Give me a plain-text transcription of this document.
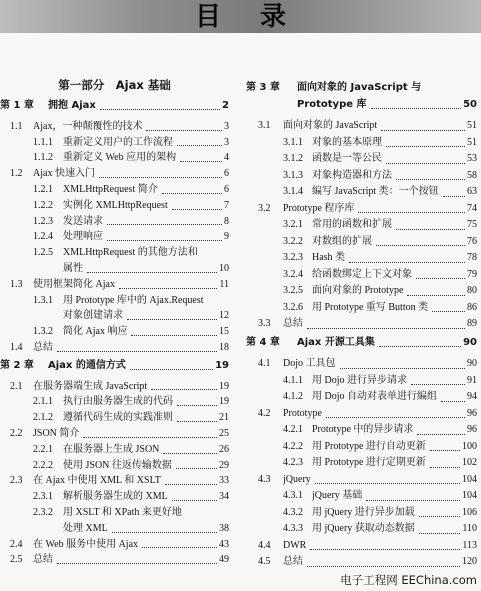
目 录
第一部分　Ajax 基础
第 1 章	拥抱 Ajax	2
1.1	Ajax，一种颠覆性的技术	3
1.1.1	重新定义用户的工作流程	3
1.1.2	重新定义 Web 应用的架构	4
1.2	Ajax 快速入门	6
1.2.1	XMLHttpRequest 简介	6
1.2.2	实例化 XMLHttpRequest	7
1.2.3	发送请求	8
1.2.4	处理响应	9
1.2.5	XMLHttpRequest 的其他方法和
属性	10
1.3	使用框架简化 Ajax	11
1.3.1	用 Prototype 库中的 Ajax.Request
对象创建请求	12
1.3.2	简化 Ajax 响应	15
1.4	总结	18
第 2 章	Ajax 的通信方式	19
2.1	在服务器端生成 JavaScript	19
2.1.1	执行由服务器生成的代码	19
2.1.2	遵循代码生成的实践准则	21
2.2	JSON 简介	25
2.2.1	在服务器上生成 JSON	26
2.2.2	使用 JSON 往返传输数据	29
2.3	在 Ajax 中使用 XML 和 XSLT	33
2.3.1	解析服务器生成的 XML	34
2.3.2	用 XSLT 和 XPath 来更好地
处理 XML	38
2.4	在 Web 服务中使用 Ajax	43
2.5	总结	49
第 3 章	面向对象的 JavaScript 与
Prototype 库	50
3.1	面向对象的 JavaScript	51
3.1.1 对象的基本原理	51
3.1.2 函数是一等公民	53
3.1.3 对象构造器和方法	58
3.1.4 编写 JavaScript 类：一个按钮	63
3.2	Prototype 程序库	74
3.2.1 常用的函数和扩展	75
3.2.2 对数组的扩展	76
3.2.3 Hash 类	78
3.2.4 给函数绑定上下文对象	79
3.2.5 面向对象的 Prototype	80
3.2.6 用 Prototype 重写 Button 类	86
3.3	总结	89
第 4 章	Ajax 开源工具集	90
4.1	Dojo 工具包	90
4.1.1 用 Dojo 进行异步请求	91
4.1.2 用 Dojo 自动对表单进行编组	94
4.2	Prototype	96
4.2.1 Prototype 中的异步请求	96
4.2.2 用 Prototype 进行自动更新	100
4.2.3 用 Prototype 进行定期更新	102
4.3	jQuery	104
4.3.1 jQuery 基础	104
4.3.2 用 jQuery 进行异步加载	106
4.3.3 用 jQuery 获取动态数据	110
4.4	DWR	113
4.5	总结	120
电子工程网 EEChina.com
